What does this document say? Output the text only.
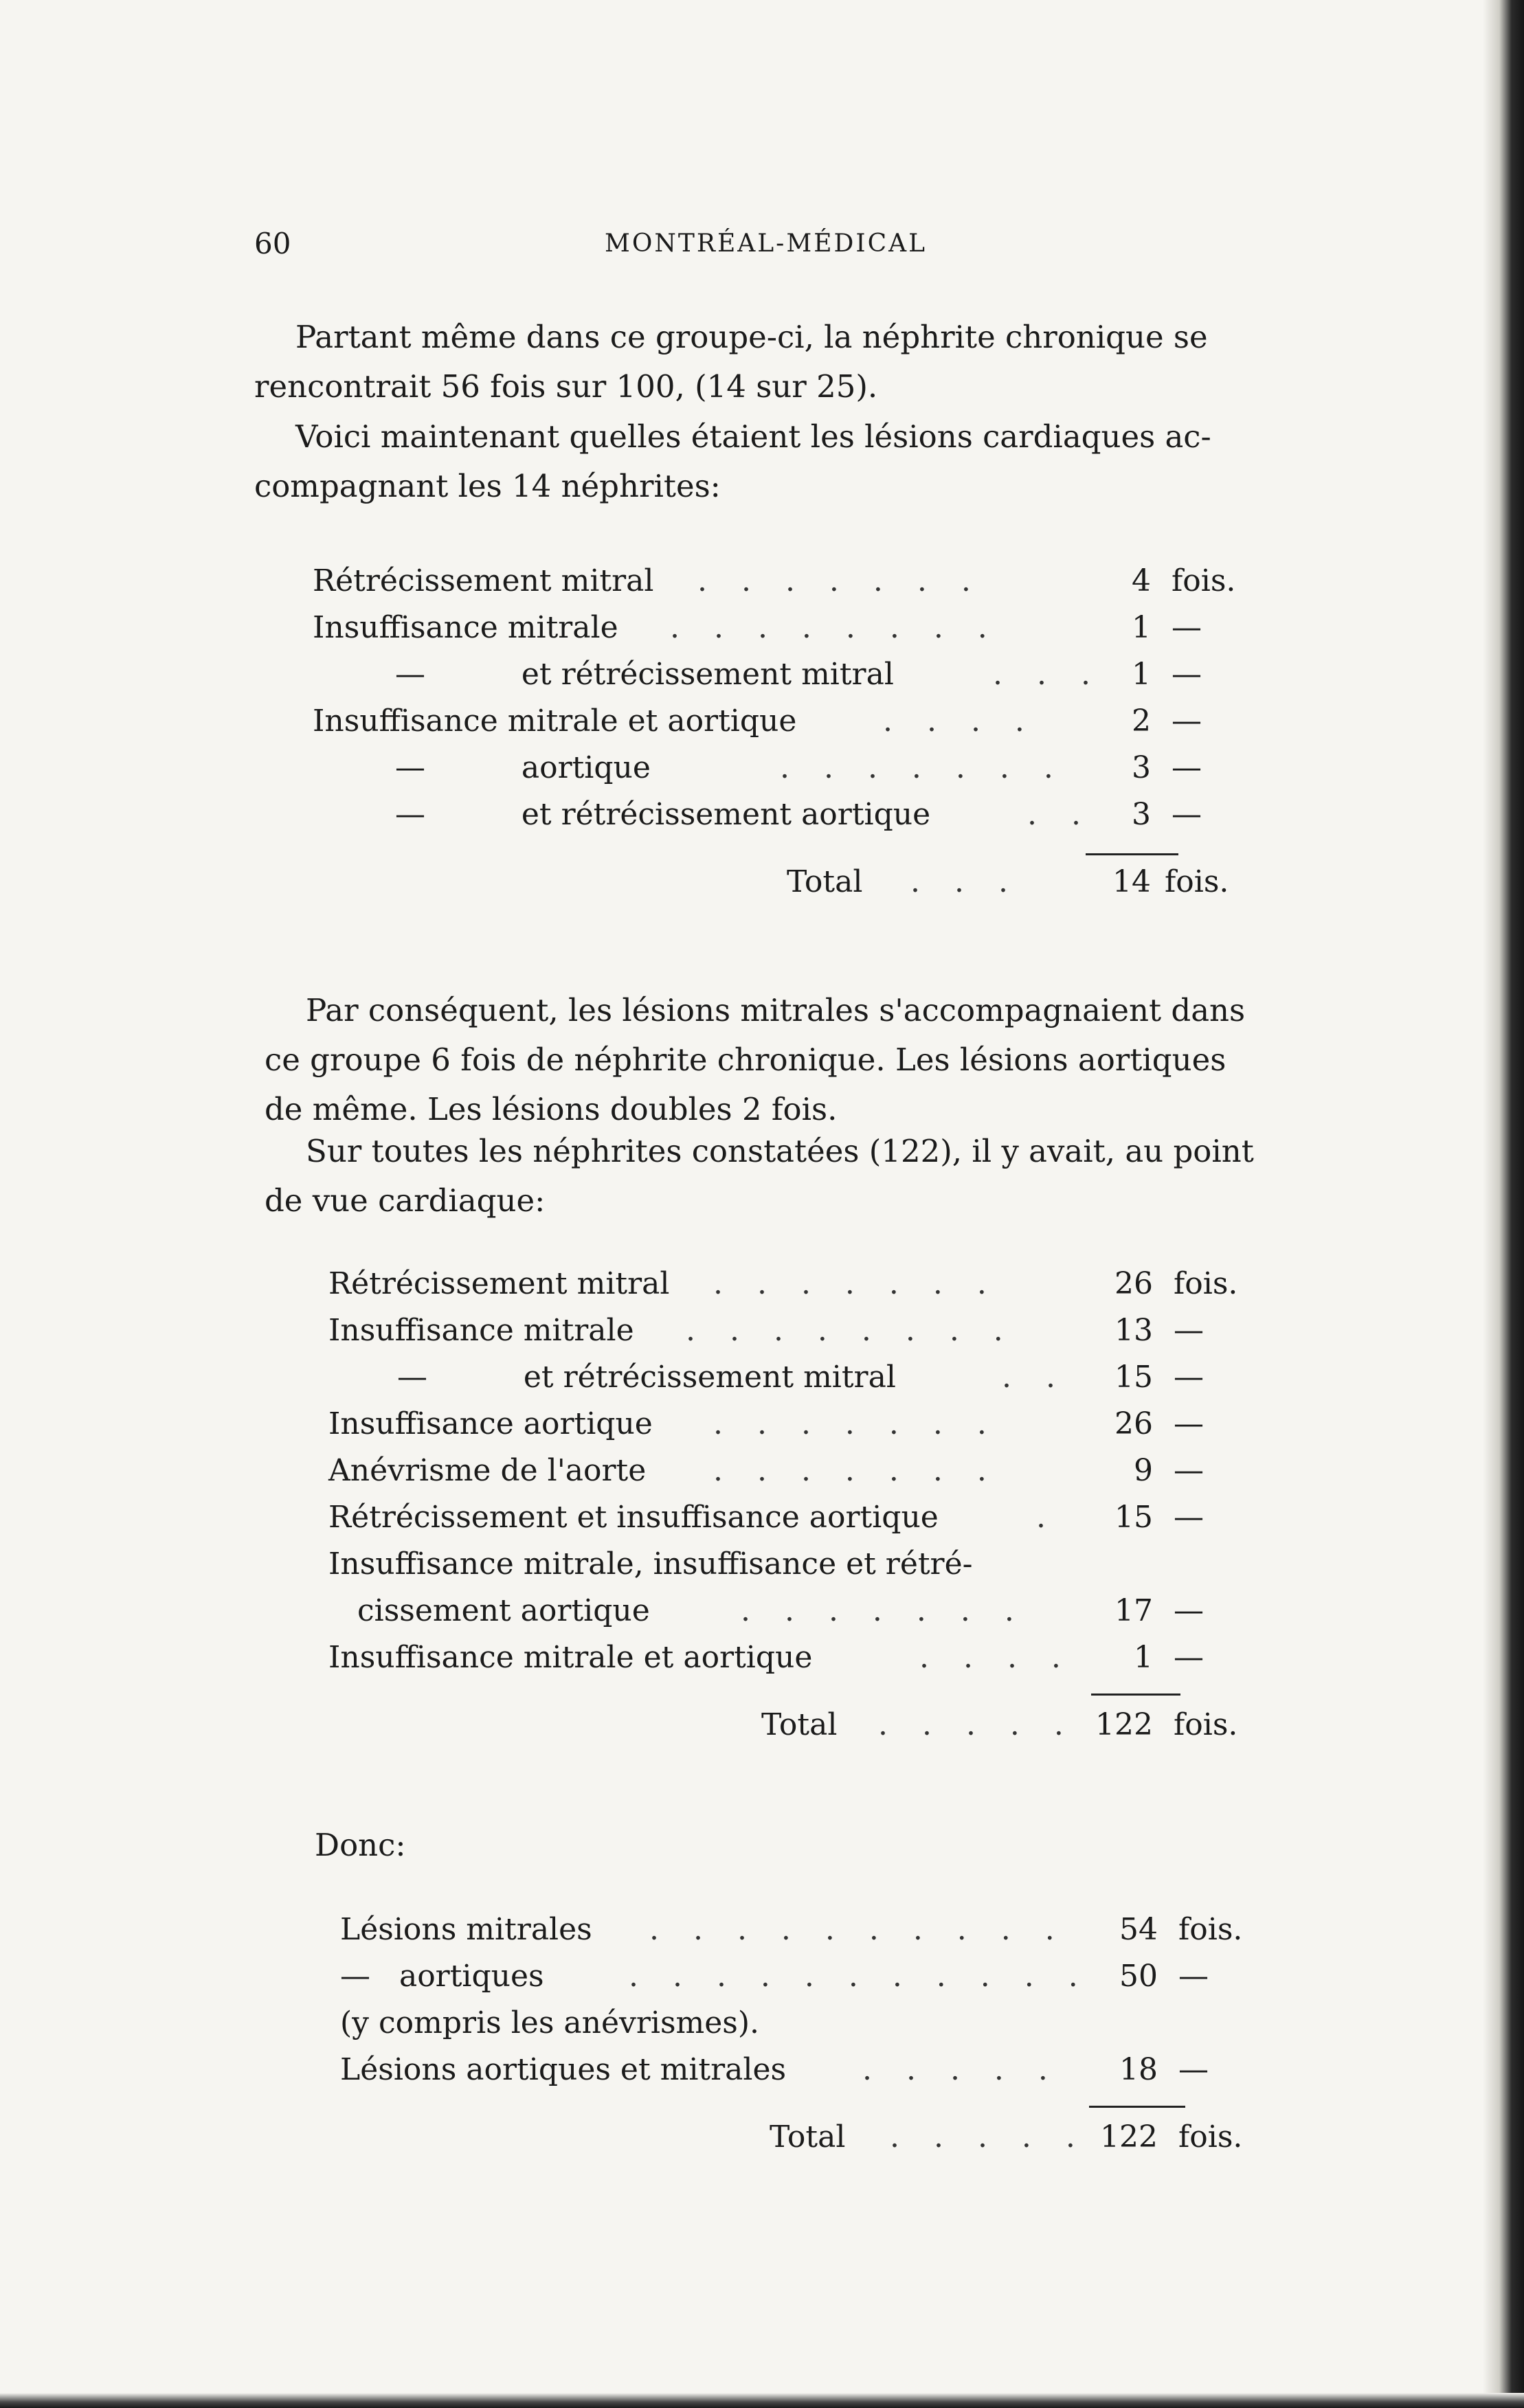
60	MONTRÉAL-MÉDICAL
Partant même dans ce groupe-ci, la néphrite chronique se
rencontrait 56 fois sur 100, (14 sur 25).
Voici maintenant quelles étaient les lésions cardiaques ac-
compagnant les 14 néphrites:
Rétrécissement mitral . . . . . . .	4 fois.
Insuffisance mitrale . . . . . . . .	1 —
—          et rétrécissement mitral	. . . 1 —
Insuffisance mitrale et aortique	. . . .	2 —
—          aortique	. . . . . . .	3 —
—          et rétrécissement aortique	. .	3 —
Total . . .	14 fois.
Par conséquent, les lésions mitrales s'accompagnaient dans
ce groupe 6 fois de néphrite chronique. Les lésions aortiques
de même. Les lésions doubles 2 fois.
Sur toutes les néphrites constatées (122), il y avait, au point
de vue cardiaque:
Rétrécissement mitral . . . . . . .	26 fois.
Insuffisance mitrale . . . . . . . .	13 —
—          et rétrécissement mitral	. .	15 —
Insuffisance aortique . . . . . . .	26 —
Anévrisme de l'aorte . . . . . . .	9 —
Rétrécissement et insuffisance aortique	.	15 —
Insuffisance mitrale, insuffisance et rétré-
cissement aortique	. . . . . . .	17 —
Insuffisance mitrale et aortique	. . . .	1 —
Total . . . . . 122 fois.
Donc:
Lésions mitrales . . . . . . . . . .	54 fois.
—   aortiques	. . . . . . . . . . . 50 —
(y compris les anévrismes).
Lésions aortiques et mitrales	. . . . .	18 —
Total . . . . . 122 fois.
